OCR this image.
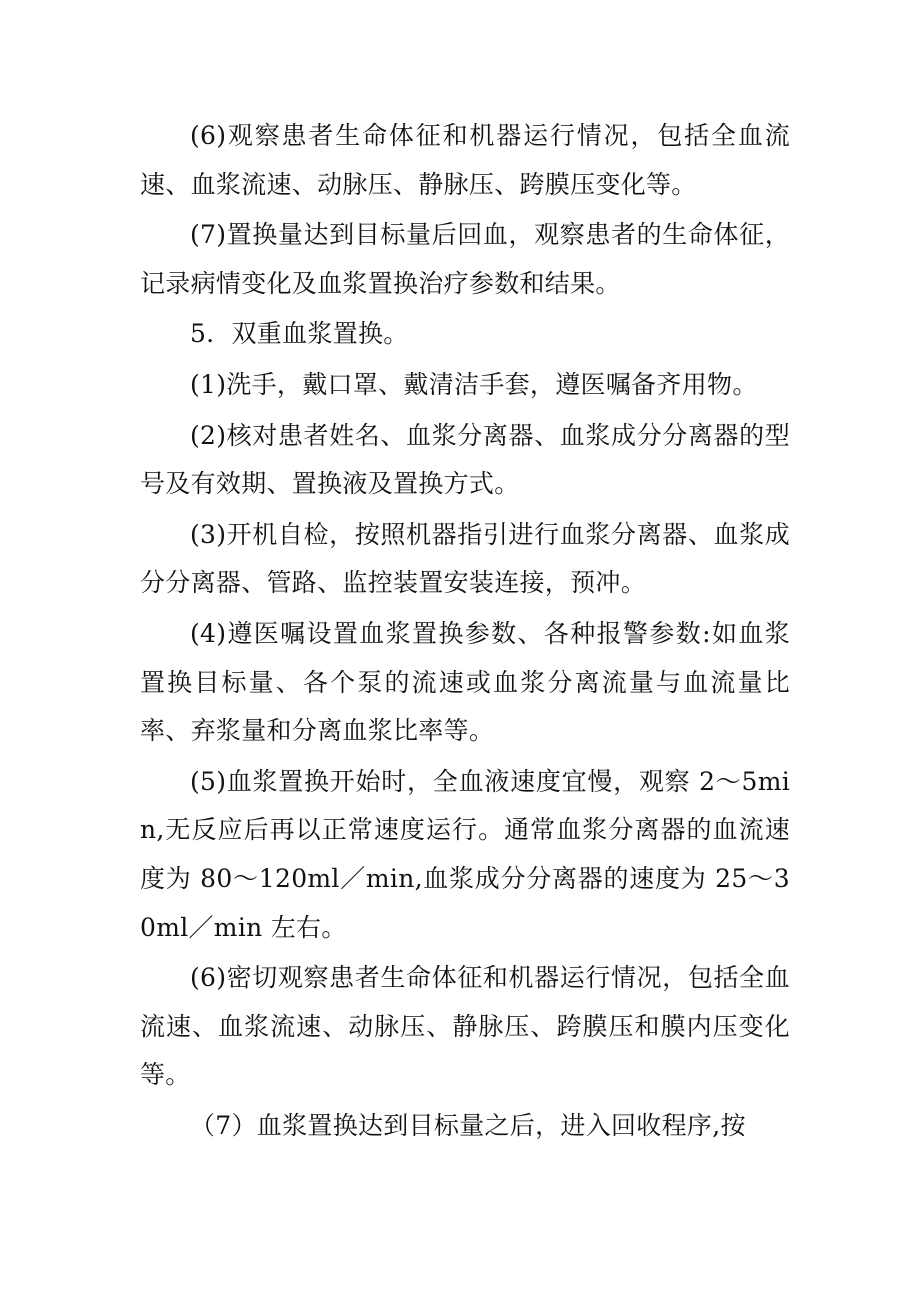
(6)观察患者生命体征和机器运行情况，包括全血流速、血浆流速、动脉压、静脉压、跨膜压变化等。

(7)置换量达到目标量后回血，观察患者的生命体征，记录病情变化及血浆置换治疗参数和结果。

5．双重血浆置换。

(1)洗手，戴口罩、戴清洁手套，遵医嘱备齐用物。

(2)核对患者姓名、血浆分离器、血浆成分分离器的型号及有效期、置换液及置换方式。

(3)开机自检，按照机器指引进行血浆分离器、血浆成分分离器、管路、监控装置安装连接，预冲。

(4)遵医嘱设置血浆置换参数、各种报警参数:如血浆置换目标量、各个泵的流速或血浆分离流量与血流量比率、弃浆量和分离血浆比率等。

(5)血浆置换开始时，全血液速度宜慢，观察 2～5min,无反应后再以正常速度运行。通常血浆分离器的血流速度为 80～120ml／min,血浆成分分离器的速度为 25～30ml／min 左右。

(6)密切观察患者生命体征和机器运行情况，包括全血流速、血浆流速、动脉压、静脉压、跨膜压和膜内压变化等。

（7）血浆置换达到目标量之后，进入回收程序,按
